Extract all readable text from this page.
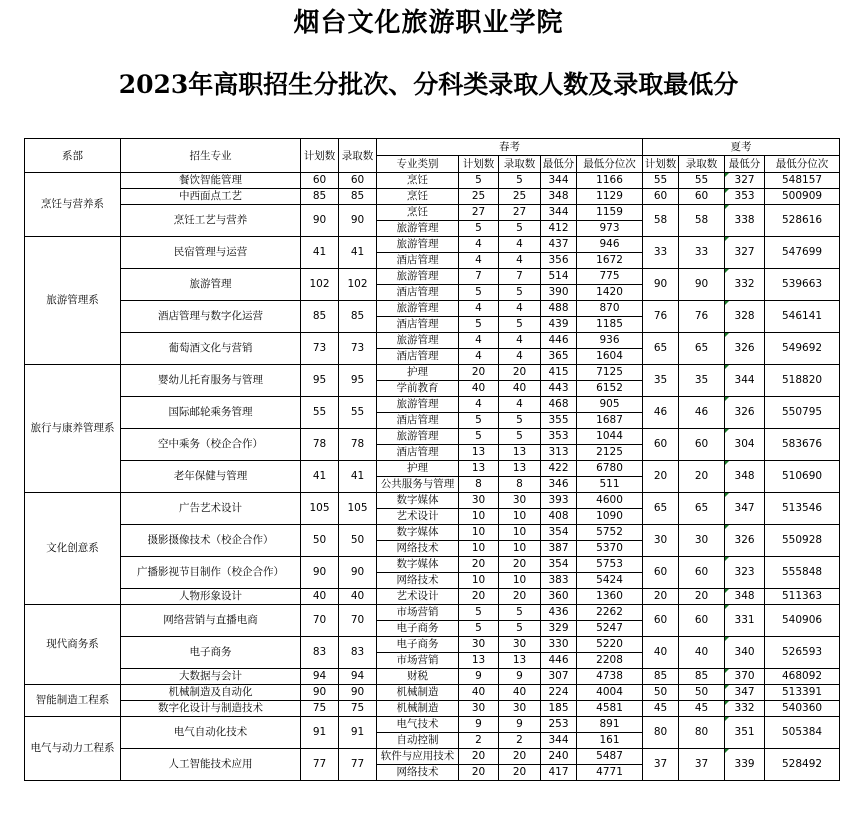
烟台文化旅游职业学院
2023年高职招生分批次、分科类录取人数及录取最低分
系部	招生专业	计划数	录取数	春考					夏考			
				专业类别	计划数	录取数	最低分	最低分位次	计划数	录取数	最低分	最低分位次
烹饪与营养系	餐饮智能管理	60	60	烹饪	5	5	344	1166	55	55	327	548157
	中西面点工艺	85	85	烹饪	25	25	348	1129	60	60	353	500909
	烹饪工艺与营养	90	90	烹饪	27	27	344	1159	58	58	338	528616
				旅游管理	5	5	412	973				
旅游管理系	民宿管理与运营	41	41	旅游管理	4	4	437	946	33	33	327	547699
				酒店管理	4	4	356	1672				
	旅游管理	102	102	旅游管理	7	7	514	775	90	90	332	539663
				酒店管理	5	5	390	1420				
	酒店管理与数字化运营	85	85	旅游管理	4	4	488	870	76	76	328	546141
				酒店管理	5	5	439	1185				
	葡萄酒文化与营销	73	73	旅游管理	4	4	446	936	65	65	326	549692
				酒店管理	4	4	365	1604				
旅行与康养管理系	婴幼儿托育服务与管理	95	95	护理	20	20	415	7125	35	35	344	518820
				学前教育	40	40	443	6152				
	国际邮轮乘务管理	55	55	旅游管理	4	4	468	905	46	46	326	550795
				酒店管理	5	5	355	1687				
	空中乘务（校企合作）	78	78	旅游管理	5	5	353	1044	60	60	304	583676
				酒店管理	13	13	313	2125				
	老年保健与管理	41	41	护理	13	13	422	6780	20	20	348	510690
				公共服务与管理	8	8	346	511				
文化创意系	广告艺术设计	105	105	数字媒体	30	30	393	4600	65	65	347	513546
				艺术设计	10	10	408	1090				
	摄影摄像技术（校企合作）	50	50	数字媒体	10	10	354	5752	30	30	326	550928
				网络技术	10	10	387	5370				
	广播影视节目制作（校企合作）	90	90	数字媒体	20	20	354	5753	60	60	323	555848
				网络技术	10	10	383	5424				
	人物形象设计	40	40	艺术设计	20	20	360	1360	20	20	348	511363
现代商务系	网络营销与直播电商	70	70	市场营销	5	5	436	2262	60	60	331	540906
				电子商务	5	5	329	5247				
	电子商务	83	83	电子商务	30	30	330	5220	40	40	340	526593
				市场营销	13	13	446	2208				
	大数据与会计	94	94	财税	9	9	307	4738	85	85	370	468092
智能制造工程系	机械制造及自动化	90	90	机械制造	40	40	224	4004	50	50	347	513391
	数字化设计与制造技术	75	75	机械制造	30	30	185	4581	45	45	332	540360
电气与动力工程系	电气自动化技术	91	91	电气技术	9	9	253	891	80	80	351	505384
				自动控制	2	2	344	161				
	人工智能技术应用	77	77	软件与应用技术	20	20	240	5487	37	37	339	528492
				网络技术	20	20	417	4771				
